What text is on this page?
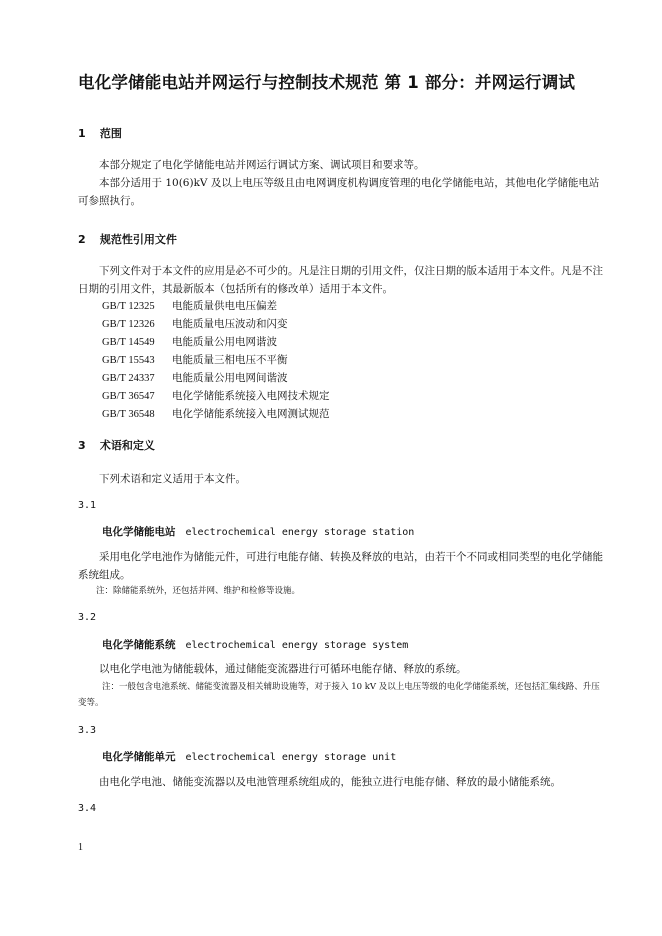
电化学储能电站并网运行与控制技术规范 第 1 部分：并网运行调试
1 范围
本部分规定了电化学储能电站并网运行调试方案、调试项目和要求等。
本部分适用于 10(6)kV 及以上电压等级且由电网调度机构调度管理的电化学储能电站，其他电化学储能电站可参照执行。
2 规范性引用文件
下列文件对于本文件的应用是必不可少的。凡是注日期的引用文件，仅注日期的版本适用于本文件。凡是不注日期的引用文件，其最新版本（包括所有的修改单）适用于本文件。
GB/T 12325 电能质量供电电压偏差
GB/T 12326 电能质量电压波动和闪变
GB/T 14549 电能质量公用电网谐波
GB/T 15543 电能质量三相电压不平衡
GB/T 24337 电能质量公用电网间谐波
GB/T 36547 电化学储能系统接入电网技术规定
GB/T 36548 电化学储能系统接入电网测试规范
3 术语和定义
下列术语和定义适用于本文件。
3.1
电化学储能电站 electrochemical energy storage station
采用电化学电池作为储能元件，可进行电能存储、转换及释放的电站，由若干个不同或相同类型的电化学储能系统组成。
注：除储能系统外，还包括并网、维护和检修等设施。
3.2
电化学储能系统 electrochemical energy storage system
以电化学电池为储能载体，通过储能变流器进行可循环电能存储、释放的系统。
注：一般包含电池系统、储能变流器及相关辅助设施等，对于接入 10 kV 及以上电压等级的电化学储能系统，还包括汇集线路、升压变等。
3.3
电化学储能单元 electrochemical energy storage unit
由电化学电池、储能变流器以及电池管理系统组成的，能独立进行电能存储、释放的最小储能系统。
3.4
1
